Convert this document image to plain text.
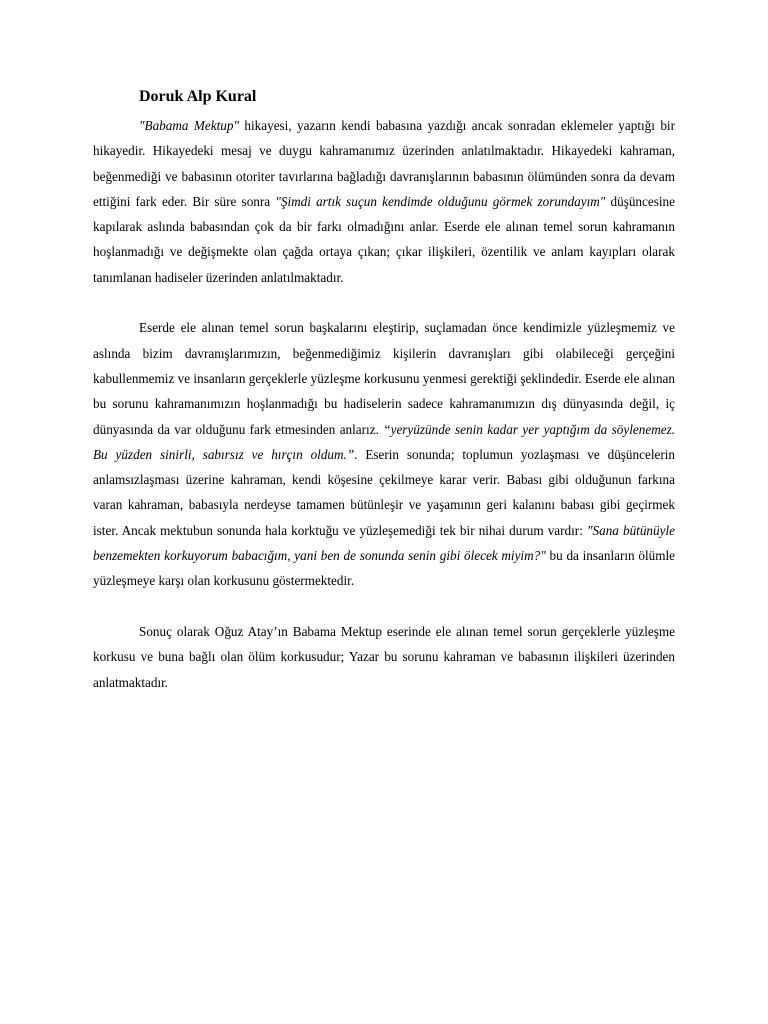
Doruk Alp Kural

"Babama Mektup" hikayesi, yazarın kendi babasına yazdığı ancak sonradan eklemeler yaptığı bir hikayedir. Hikayedeki mesaj ve duygu kahramanımız üzerinden anlatılmaktadır. Hikayedeki kahraman, beğenmediği ve babasının otoriter tavırlarına bağladığı davranışlarının babasının ölümünden sonra da devam ettiğini fark eder. Bir süre sonra "Şimdi artık suçun kendimde olduğunu görmek zorundayım" düşüncesine kapılarak aslında babasından çok da bir farkı olmadığını anlar. Eserde ele alınan temel sorun kahramanın hoşlanmadığı ve değişmekte olan çağda ortaya çıkan; çıkar ilişkileri, özentilik ve anlam kayıpları olarak tanımlanan hadiseler üzerinden anlatılmaktadır.

Eserde ele alınan temel sorun başkalarını eleştirip, suçlamadan önce kendimizle yüzleşmemiz ve aslında bizim davranışlarımızın, beğenmediğimiz kişilerin davranışları gibi olabileceği gerçeğini kabullenmemiz ve insanların gerçeklerle yüzleşme korkusunu yenmesi gerektiği şeklindedir. Eserde ele alınan bu sorunu kahramanımızın hoşlanmadığı bu hadiselerin sadece kahramanımızın dış dünyasında değil, iç dünyasında da var olduğunu fark etmesinden anlarız. “yeryüzünde senin kadar yer yaptığım da söylenemez. Bu yüzden sinirli, sabırsız ve hırçın oldum.”. Eserin sonunda; toplumun yozlaşması ve düşüncelerin anlamsızlaşması üzerine kahraman, kendi köşesine çekilmeye karar verir. Babası gibi olduğunun farkına varan kahraman, babasıyla nerdeyse tamamen bütünleşir ve yaşamının geri kalanını babası gibi geçirmek ister. Ancak mektubun sonunda hala korktuğu ve yüzleşemediği tek bir nihai durum vardır: "Sana bütünüyle benzemekten korkuyorum babacığım, yani ben de sonunda senin gibi ölecek miyim?" bu da insanların ölümle yüzleşmeye karşı olan korkusunu göstermektedir.

Sonuç olarak Oğuz Atay’ın Babama Mektup eserinde ele alınan temel sorun gerçeklerle yüzleşme korkusu ve buna bağlı olan ölüm korkusudur; Yazar bu sorunu kahraman ve babasının ilişkileri üzerinden anlatmaktadır.
